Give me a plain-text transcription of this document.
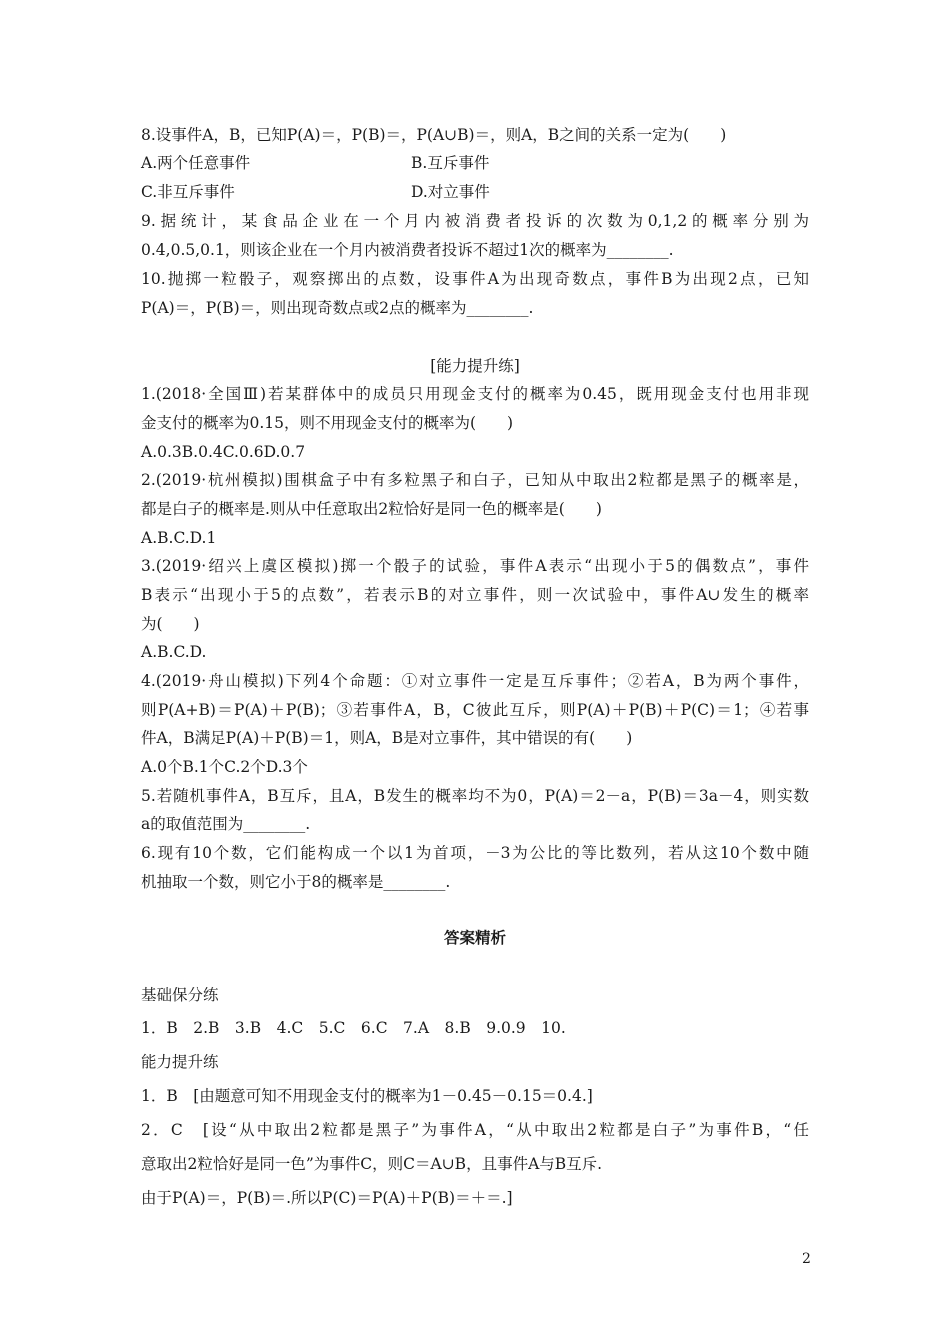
8.设事件A，B，已知P(A)＝，P(B)＝，P(A∪B)＝，则A，B之间的关系一定为(　　)
A.两个任意事件	B.互斥事件
C.非互斥事件	D.对立事件
9.据统计，某食品企业在一个月内被消费者投诉的次数为0,1,2的概率分别为
0.4,0.5,0.1，则该企业在一个月内被消费者投诉不超过1次的概率为________.
10.抛掷一粒骰子，观察掷出的点数，设事件A为出现奇数点，事件B为出现2点，已知
P(A)＝，P(B)＝，则出现奇数点或2点的概率为________.
[能力提升练]
1.(2018·全国Ⅲ)若某群体中的成员只用现金支付的概率为0.45，既用现金支付也用非现
金支付的概率为0.15，则不用现金支付的概率为(　　)
A.0.3B.0.4C.0.6D.0.7
2.(2019·杭州模拟)围棋盒子中有多粒黑子和白子，已知从中取出2粒都是黑子的概率是，
都是白子的概率是.则从中任意取出2粒恰好是同一色的概率是(　　)
A.B.C.D.1
3.(2019·绍兴上虞区模拟)掷一个骰子的试验，事件A表示“出现小于5的偶数点”，事件
B表示“出现小于5的点数”，若表示B的对立事件，则一次试验中，事件A∪发生的概率
为(　　)
A.B.C.D.
4.(2019·舟山模拟)下列4个命题：①对立事件一定是互斥事件；②若A，B为两个事件，
则P(A+B)＝P(A)＋P(B)；③若事件A，B，C彼此互斥，则P(A)＋P(B)＋P(C)＝1；④若事
件A，B满足P(A)＋P(B)＝1，则A，B是对立事件，其中错误的有(　　)
A.0个B.1个C.2个D.3个
5.若随机事件A，B互斥，且A，B发生的概率均不为0，P(A)＝2－a，P(B)＝3a－4，则实数
a的取值范围为________.
6.现有10个数，它们能构成一个以1为首项，－3为公比的等比数列，若从这10个数中随
机抽取一个数，则它小于8的概率是________.
答案精析
基础保分练
1．B　2.B　3.B　4.C　5.C　6.C　7.A　8.B　9.0.9　10.
能力提升练
1．B　[由题意可知不用现金支付的概率为1－0.45－0.15＝0.4.]
2．C　[设“从中取出2粒都是黑子”为事件A，“从中取出2粒都是白子”为事件B，“任
意取出2粒恰好是同一色”为事件C，则C＝A∪B，且事件A与B互斥.
由于P(A)＝，P(B)＝.所以P(C)＝P(A)＋P(B)＝＋＝.]
2
